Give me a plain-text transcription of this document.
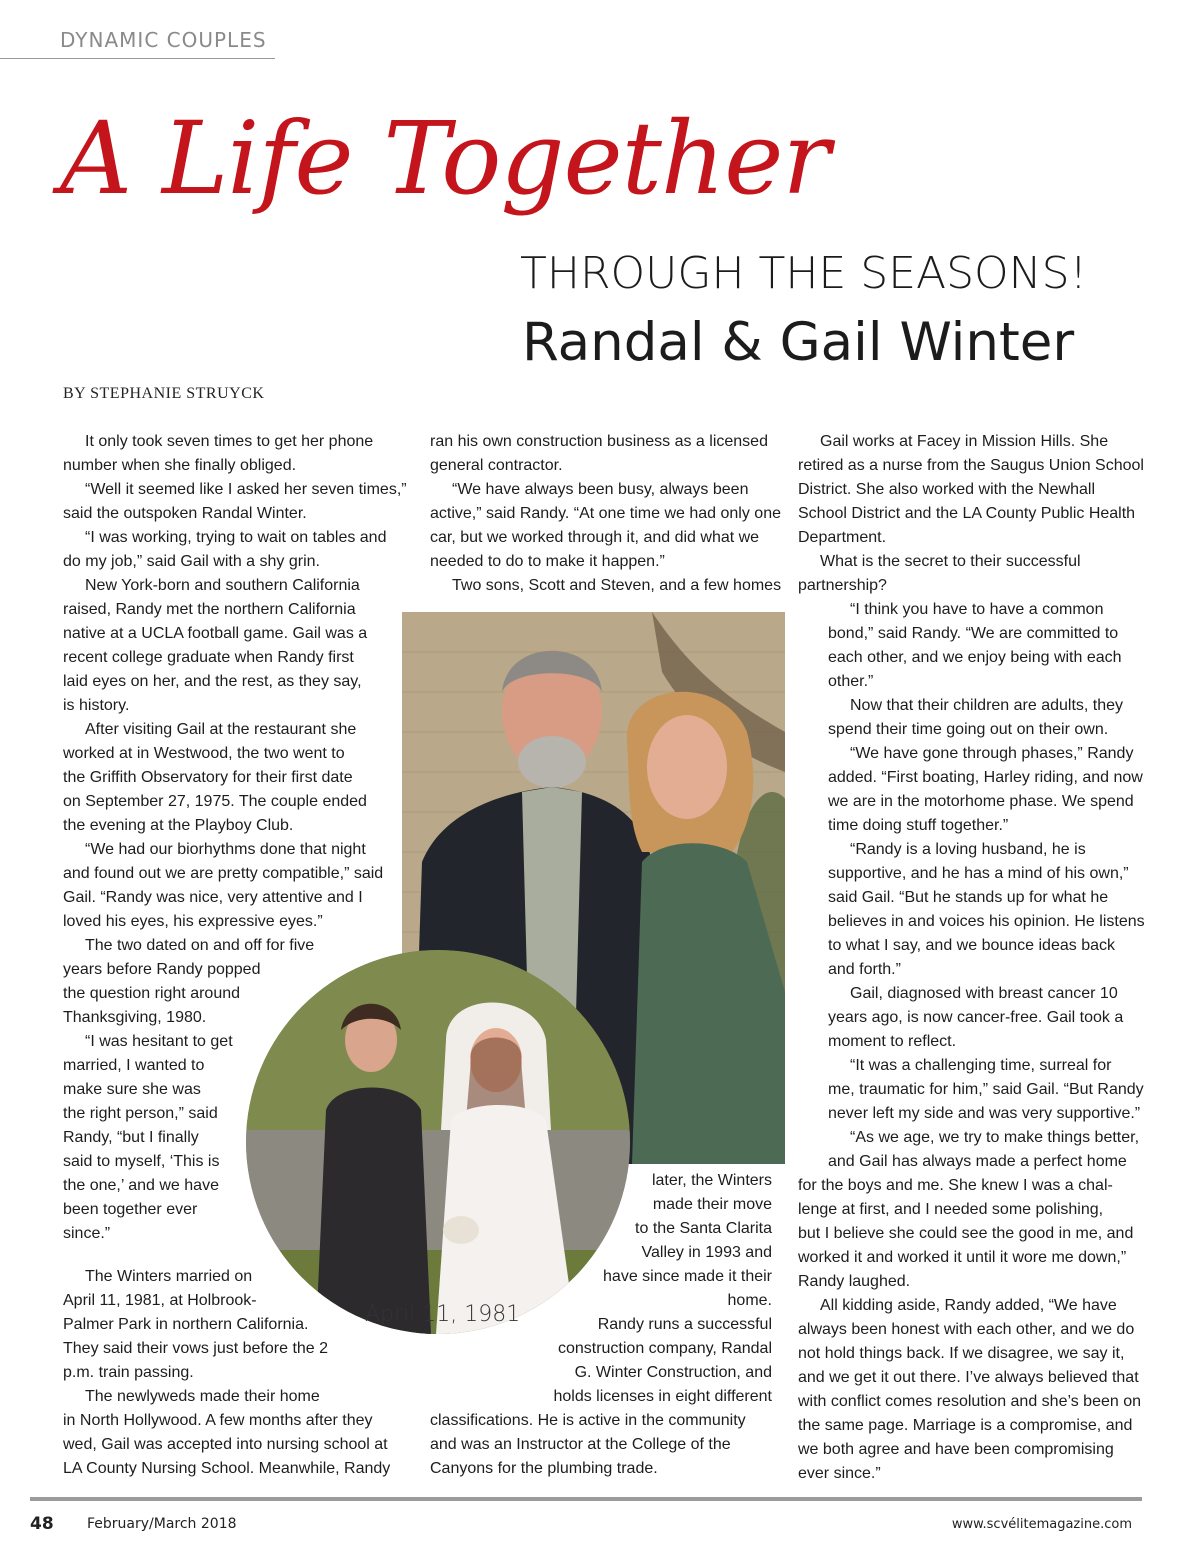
DYNAMIC COUPLES
A Life Together
THROUGH THE SEASONS!
Randal & Gail Winter
BY STEPHANIE STRUYCK
April 11, 1981
It only took seven times to get her phone
number when she finally obliged.
“Well it seemed like I asked her seven times,”
said the outspoken Randal Winter.
“I was working, trying to wait on tables and
do my job,” said Gail with a shy grin.
New York-born and southern California
raised, Randy met the northern California
native at a UCLA football game. Gail was a
recent college graduate when Randy first
laid eyes on her, and the rest, as they say,
is history.
After visiting Gail at the restaurant she
worked at in Westwood, the two went to
the Griffith Observatory for their first date
on September 27, 1975. The couple ended
the evening at the Playboy Club.
“We had our biorhythms done that night
and found out we are pretty compatible,” said
Gail. “Randy was nice, very attentive and I
loved his eyes, his expressive eyes.”
The two dated on and off for five
years before Randy popped
the question right around
Thanksgiving, 1980.
“I was hesitant to get
married, I wanted to
make sure she was
the right person,” said
Randy, “but I finally
said to myself, ‘This is
the one,’ and we have
been together ever
since.”
The Winters married on
April 11, 1981, at Holbrook-
Palmer Park in northern California.
They said their vows just before the 2
p.m. train passing.
The newlyweds made their home
in North Hollywood. A few months after they
wed, Gail was accepted into nursing school at
LA County Nursing School. Meanwhile, Randy
ran his own construction business as a licensed
general contractor.
“We have always been busy, always been
active,” said Randy. “At one time we had only one
car, but we worked through it, and did what we
needed to do to make it happen.”
Two sons, Scott and Steven, and a few homes
later, the Winters
made their move
to the Santa Clarita
Valley in 1993 and
have since made it their
home.
Randy runs a successful
construction company, Randal
G. Winter Construction, and
holds licenses in eight different
classifications. He is active in the community
and was an Instructor at the College of the
Canyons for the plumbing trade.
Gail works at Facey in Mission Hills. She
retired as a nurse from the Saugus Union School
District. She also worked with the Newhall
School District and the LA County Public Health
Department.
What is the secret to their successful
partnership?
“I think you have to have a common
bond,” said Randy. “We are committed to
each other, and we enjoy being with each
other.”
Now that their children are adults, they
spend their time going out on their own.
“We have gone through phases,” Randy
added. “First boating, Harley riding, and now
we are in the motorhome phase. We spend
time doing stuff together.”
“Randy is a loving husband, he is
supportive, and he has a mind of his own,”
said Gail. “But he stands up for what he
believes in and voices his opinion. He listens
to what I say, and we bounce ideas back
and forth.”
Gail, diagnosed with breast cancer 10
years ago, is now cancer-free. Gail took a
moment to reflect.
“It was a challenging time, surreal for
me, traumatic for him,” said Gail. “But Randy
never left my side and was very supportive.”
“As we age, we try to make things better,
and Gail has always made a perfect home
for the boys and me. She knew I was a chal-
lenge at first, and I needed some polishing,
but I believe she could see the good in me, and
worked it and worked it until it wore me down,”
Randy laughed.
All kidding aside, Randy added, “We have
always been honest with each other, and we do
not hold things back. If we disagree, we say it,
and we get it out there. I’ve always believed that
with conflict comes resolution and she’s been on
the same page. Marriage is a compromise, and
we both agree and have been compromising
ever since.”
48 February/March 2018	www.scvélitemagazine.com
